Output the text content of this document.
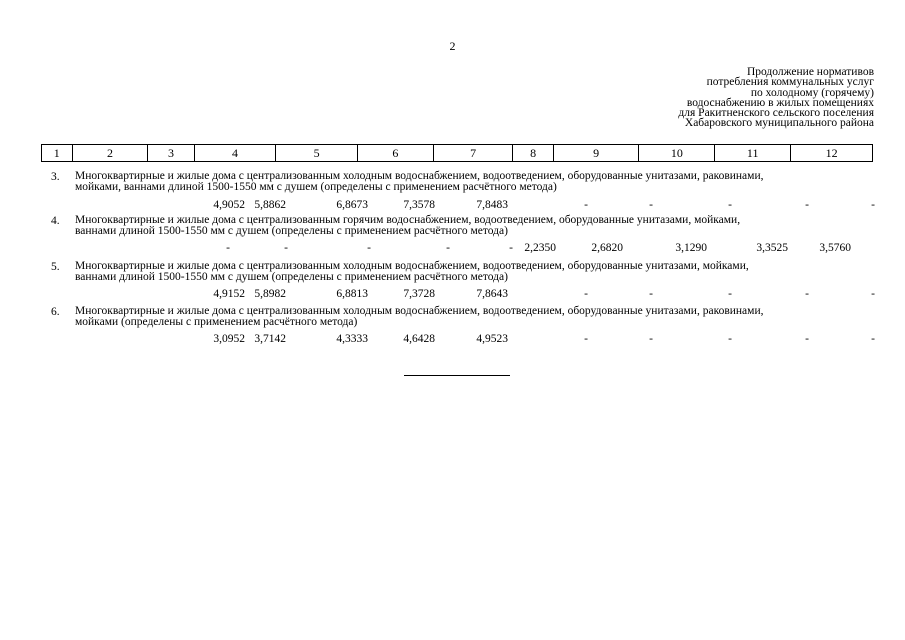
2
Продолжение нормативов
потребления коммунальных услуг
по холодному (горячему)
водоснабжению в жилых помещениях
для Ракитненского сельского поселения
Хабаровского муниципального района
1	2	3	4	5	6	7	8	9	10	11	12
3. Многоквартирные и жилые дома с централизованным холодным водоснабжением, водоотведением, оборудованные унитазами, раковинами,
мойками, ваннами длиной 1500-1550 мм с душем (определены с применением расчётного метода)
4,9052 5,8862	6,8673	7,3578	7,8483	-	-	-	-	-
4. Многоквартирные и жилые дома с централизованным горячим водоснабжением, водоотведением, оборудованные унитазами, мойками,
ваннами длиной 1500-1550 мм с душем (определены с применением расчётного метода)
-	-	-	-	- 2,2350	2,6820	3,1290	3,3525	3,5760
5. Многоквартирные и жилые дома с централизованным холодным водоснабжением, водоотведением, оборудованные унитазами, мойками,
ваннами длиной 1500-1550 мм с душем (определены с применением расчётного метода)
4,9152 5,8982	6,8813	7,3728	7,8643	-	-	-	-	-
6. Многоквартирные и жилые дома с централизованным холодным водоснабжением, водоотведением, оборудованные унитазами, раковинами,
мойками (определены с применением расчётного метода)
3,0952 3,7142	4,3333	4,6428	4,9523	-	-	-	-	-
